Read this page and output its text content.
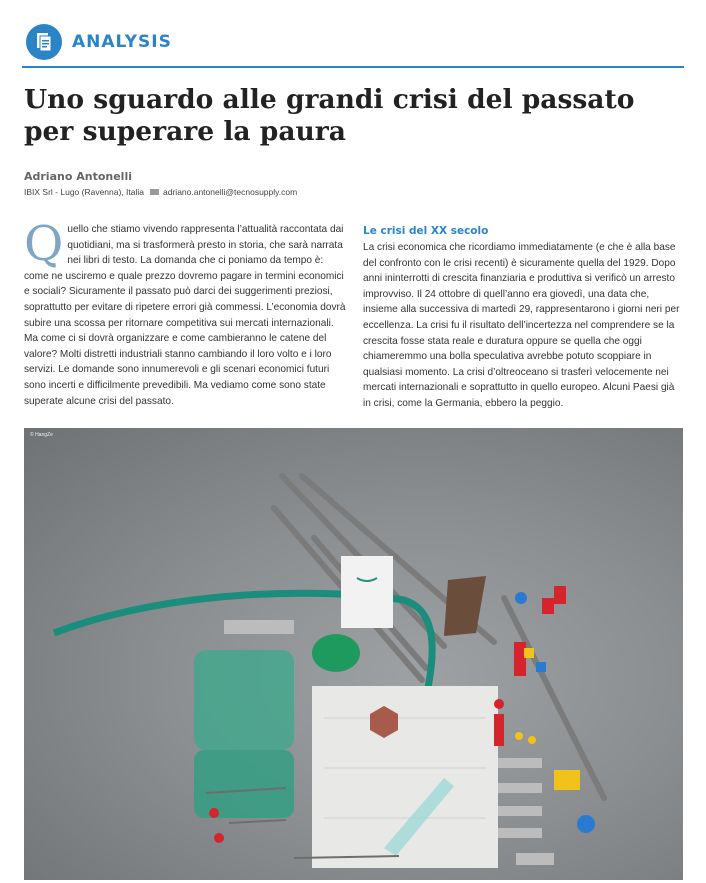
ANALYSIS
Uno sguardo alle grandi crisi del passato per superare la paura
Adriano Antonelli
IBIX Srl - Lugo (Ravenna), Italia adriano.antonelli@tecnosupply.com

Quello che stiamo vivendo rappresenta l’attualità raccontata dai quotidiani, ma si trasformerà presto in storia, che sarà narrata nei libri di testo. La domanda che ci poniamo da tempo è: come ne usciremo e quale prezzo dovremo pagare in termini economici e sociali? Sicuramente il passato può darci dei suggerimenti preziosi, soprattutto per evitare di ripetere errori già commessi. L’economia dovrà subire una scossa per ritornare competitiva sui mercati internazionali. Ma come ci si dovrà organizzare e come cambieranno le catene del valore? Molti distretti industriali stanno cambiando il loro volto e i loro servizi. Le domande sono innumerevoli e gli scenari economici futuri sono incerti e difficilmente prevedibili. Ma vediamo come sono state superate alcune crisi del passato.

Le crisi del XX secolo

La crisi economica che ricordiamo immediatamente (e che è alla base del confronto con le crisi recenti) è sicuramente quella del 1929. Dopo anni ininterrotti di crescita finanziaria e produttiva si verificò un arresto improvviso. Il 24 ottobre di quell’anno era giovedì, una data che, insieme alla successiva di martedì 29, rappresentarono i giorni neri per eccellenza. La crisi fu il risultato dell’incertezza nel comprendere se la crescita fosse stata reale e duratura oppure se quella che oggi chiameremmo una bolla speculativa avrebbe potuto scoppiare in qualsiasi momento. La crisi d’oltreoceano si trasferì velocemente nei mercati internazionali e soprattutto in quello europeo. Alcuni Paesi già in crisi, come la Germania, ebbero la peggio.

© HangZe
